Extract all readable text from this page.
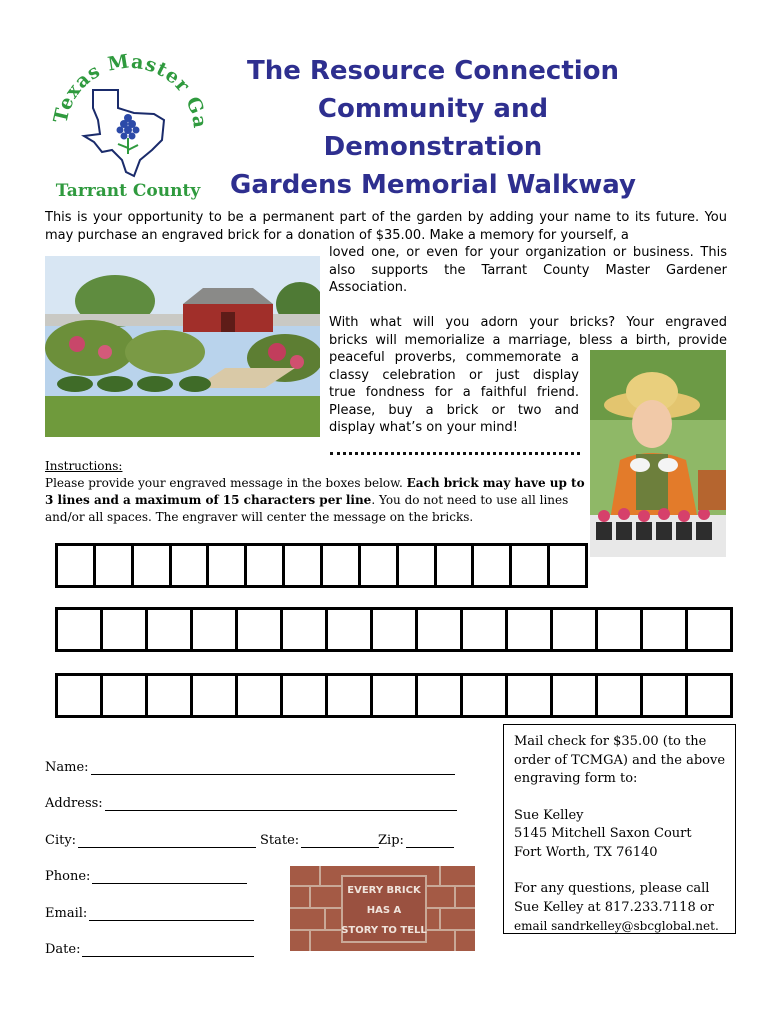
Texas Master G
Tarrant County
The Resource Connection
Community and Demonstration
Gardens Memorial Walkway
This is your opportunity to be a permanent part of the garden by adding your name to its future. You may purchase an engraved brick for a donation of $35.00. Make a memory for yourself, a
loved one, or even for your organization or business. This also supports the Tarrant County Master Gardener Association.
With what will you adorn your bricks? Your engraved
bricks will memorialize a marriage, bless a birth, provide
peaceful proverbs, commemorate a
classy celebration or just display
true fondness for a faithful friend.
Please, buy a brick or two and
display what’s on your mind!
Instructions:
Please provide your engraved message in the boxes below. Each brick may have up to 3 lines and a maximum of 15 characters per line. You do not need to use all lines and/or all spaces. The engraver will center the message on the bricks.
Name:
Address:
City:	State:	Zip:
Phone:
Email:
Date:
EVERY BRICK
HAS A
STORY TO TELL

Mail check for $35.00 (to the

order of TCMGA) and the above

engraving form to:

Sue Kelley

5145 Mitchell Saxon Court

Fort Worth, TX 76140

For any questions, please call

Sue Kelley at 817.233.7118 or

email sandrkelley@sbcglobal.net.
